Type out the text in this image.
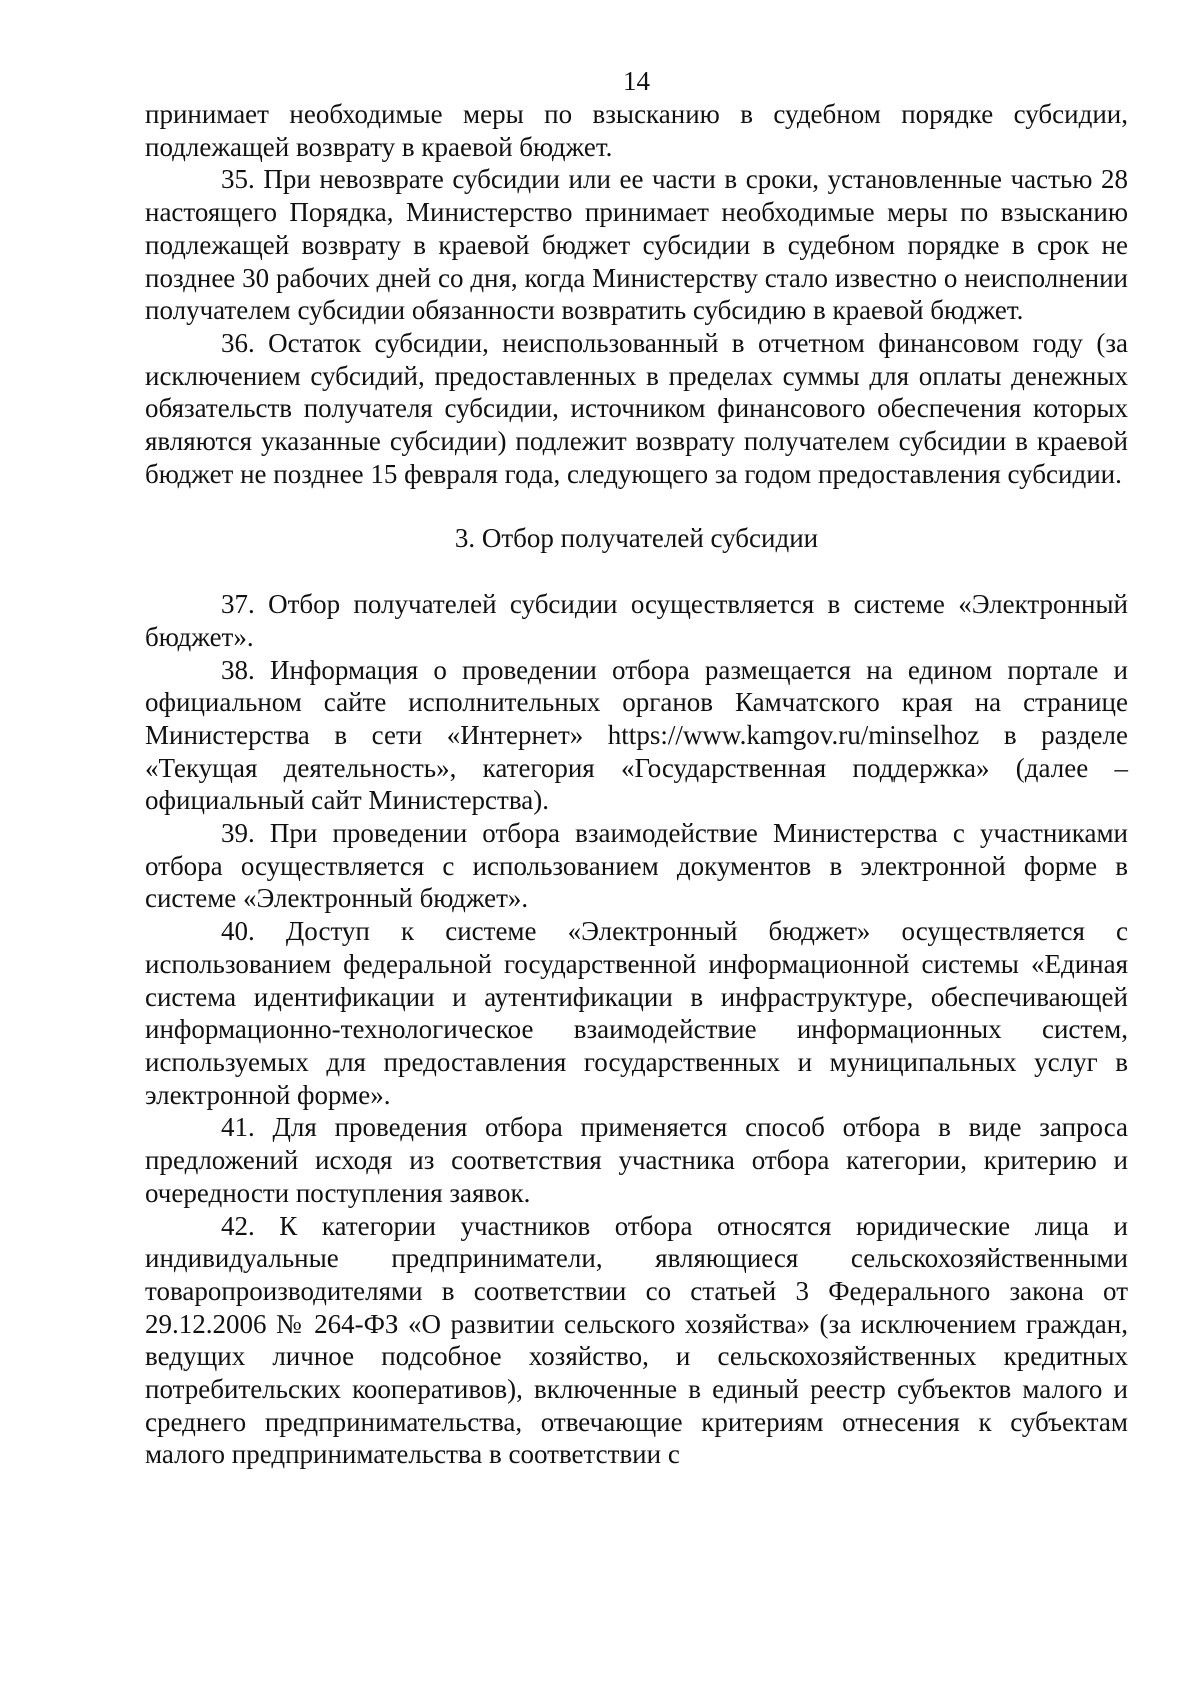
14

принимает необходимые меры по взысканию в судебном порядке субсидии, подлежащей возврату в краевой бюджет.

35. При невозврате субсидии или ее части в сроки, установленные частью 28 настоящего Порядка, Министерство принимает необходимые меры по взысканию подлежащей возврату в краевой бюджет субсидии в судебном порядке в срок не позднее 30 рабочих дней со дня, когда Министерству стало известно о неисполнении получателем субсидии обязанности возвратить субсидию в краевой бюджет.

36. Остаток субсидии, неиспользованный в отчетном финансовом году (за исключением субсидий, предоставленных в пределах суммы для оплаты денежных обязательств получателя субсидии, источником финансового обеспечения которых являются указанные субсидии) подлежит возврату получателем субсидии в краевой бюджет не позднее 15 февраля года, следующего за годом предоставления субсидии.

3. Отбор получателей субсидии

37. Отбор получателей субсидии осуществляется в системе «Электронный бюджет».

38. Информация о проведении отбора размещается на едином портале и официальном сайте исполнительных органов Камчатского края на странице Министерства в сети «Интернет» https://www.kamgov.ru/minselhoz в разделе «Текущая деятельность», категория «Государственная поддержка» (далее – официальный сайт Министерства).

39. При проведении отбора взаимодействие Министерства с участниками отбора осуществляется с использованием документов в электронной форме в системе «Электронный бюджет».

40. Доступ к системе «Электронный бюджет» осуществляется с использованием федеральной государственной информационной системы «Единая система идентификации и аутентификации в инфраструктуре, обеспечивающей информационно-технологическое взаимодействие информационных систем, используемых для предоставления государственных и муниципальных услуг в электронной форме».

41. Для проведения отбора применяется способ отбора в виде запроса предложений исходя из соответствия участника отбора категории, критерию и очередности поступления заявок.

42. К категории участников отбора относятся юридические лица и индивидуальные предприниматели, являющиеся сельскохозяйственными товаропроизводителями в соответствии со статьей 3 Федерального закона от 29.12.2006 № 264-ФЗ «О развитии сельского хозяйства» (за исключением граждан, ведущих личное подсобное хозяйство, и сельскохозяйственных кредитных потребительских кооперативов), включенные в единый реестр субъектов малого и среднего предпринимательства, отвечающие критериям отнесения к субъектам малого предпринимательства в соответствии с
